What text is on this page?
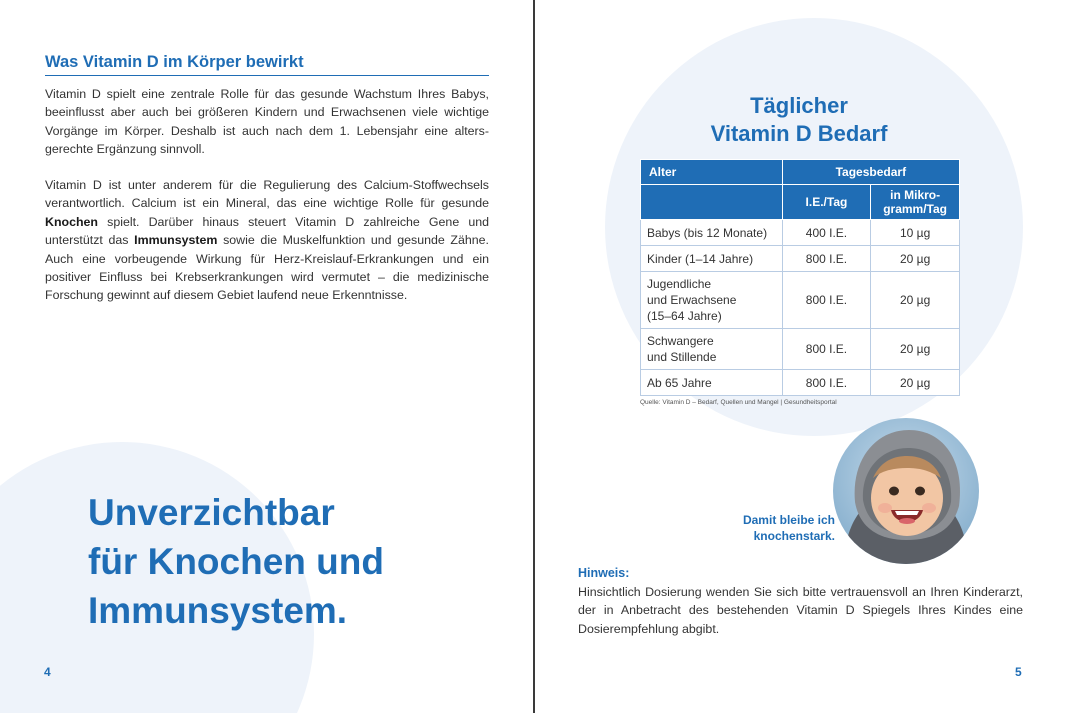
Was Vitamin D im Körper bewirkt

Vitamin D spielt eine zentrale Rolle für das gesunde Wachstum Ihres Babys, beeinflusst aber auch bei größeren Kindern und Erwachsenen viele wichtige Vorgänge im Körper. Deshalb ist auch nach dem 1. Lebensjahr eine alters-gerechte Ergänzung sinnvoll.

Vitamin D ist unter anderem für die Regulierung des Calcium-Stoffwechsels verantwortlich. Calcium ist ein Mineral, das eine wichtige Rolle für gesunde Knochen spielt. Darüber hinaus steuert Vitamin D zahlreiche Gene und unterstützt das Immunsystem sowie die Muskelfunktion und gesunde Zähne. Auch eine vorbeugende Wirkung für Herz-Kreislauf-Erkrankungen und ein positiver Einfluss bei Krebserkrankungen wird vermutet – die medizinische Forschung gewinnt auf diesem Gebiet laufend neue Erkenntnisse.

Unverzichtbar
für Knochen und
Immunsystem.
4
Täglicher
Vitamin D Bedarf
Alter	Tagesbedarf	
	I.E./Tag	in Mikro-
gramm/Tag
Babys (bis 12 Monate)	400 I.E.	10 µg
Kinder (1–14 Jahre)	800 I.E.	20 µg
Jugendliche
und Erwachsene
(15–64 Jahre)	800 I.E.	20 µg
Schwangere
und Stillende	800 I.E.	20 µg
Ab 65 Jahre	800 I.E.	20 µg
Quelle: Vitamin D – Bedarf, Quellen und Mangel | Gesundheitsportal

Damit bleibe ich
knochenstark.

Hinweis:

Hinsichtlich Dosierung wenden Sie sich bitte vertrauensvoll an Ihren Kinderarzt, der in Anbetracht des bestehenden Vitamin D Spiegels Ihres Kindes eine Dosierempfehlung abgibt.

5
